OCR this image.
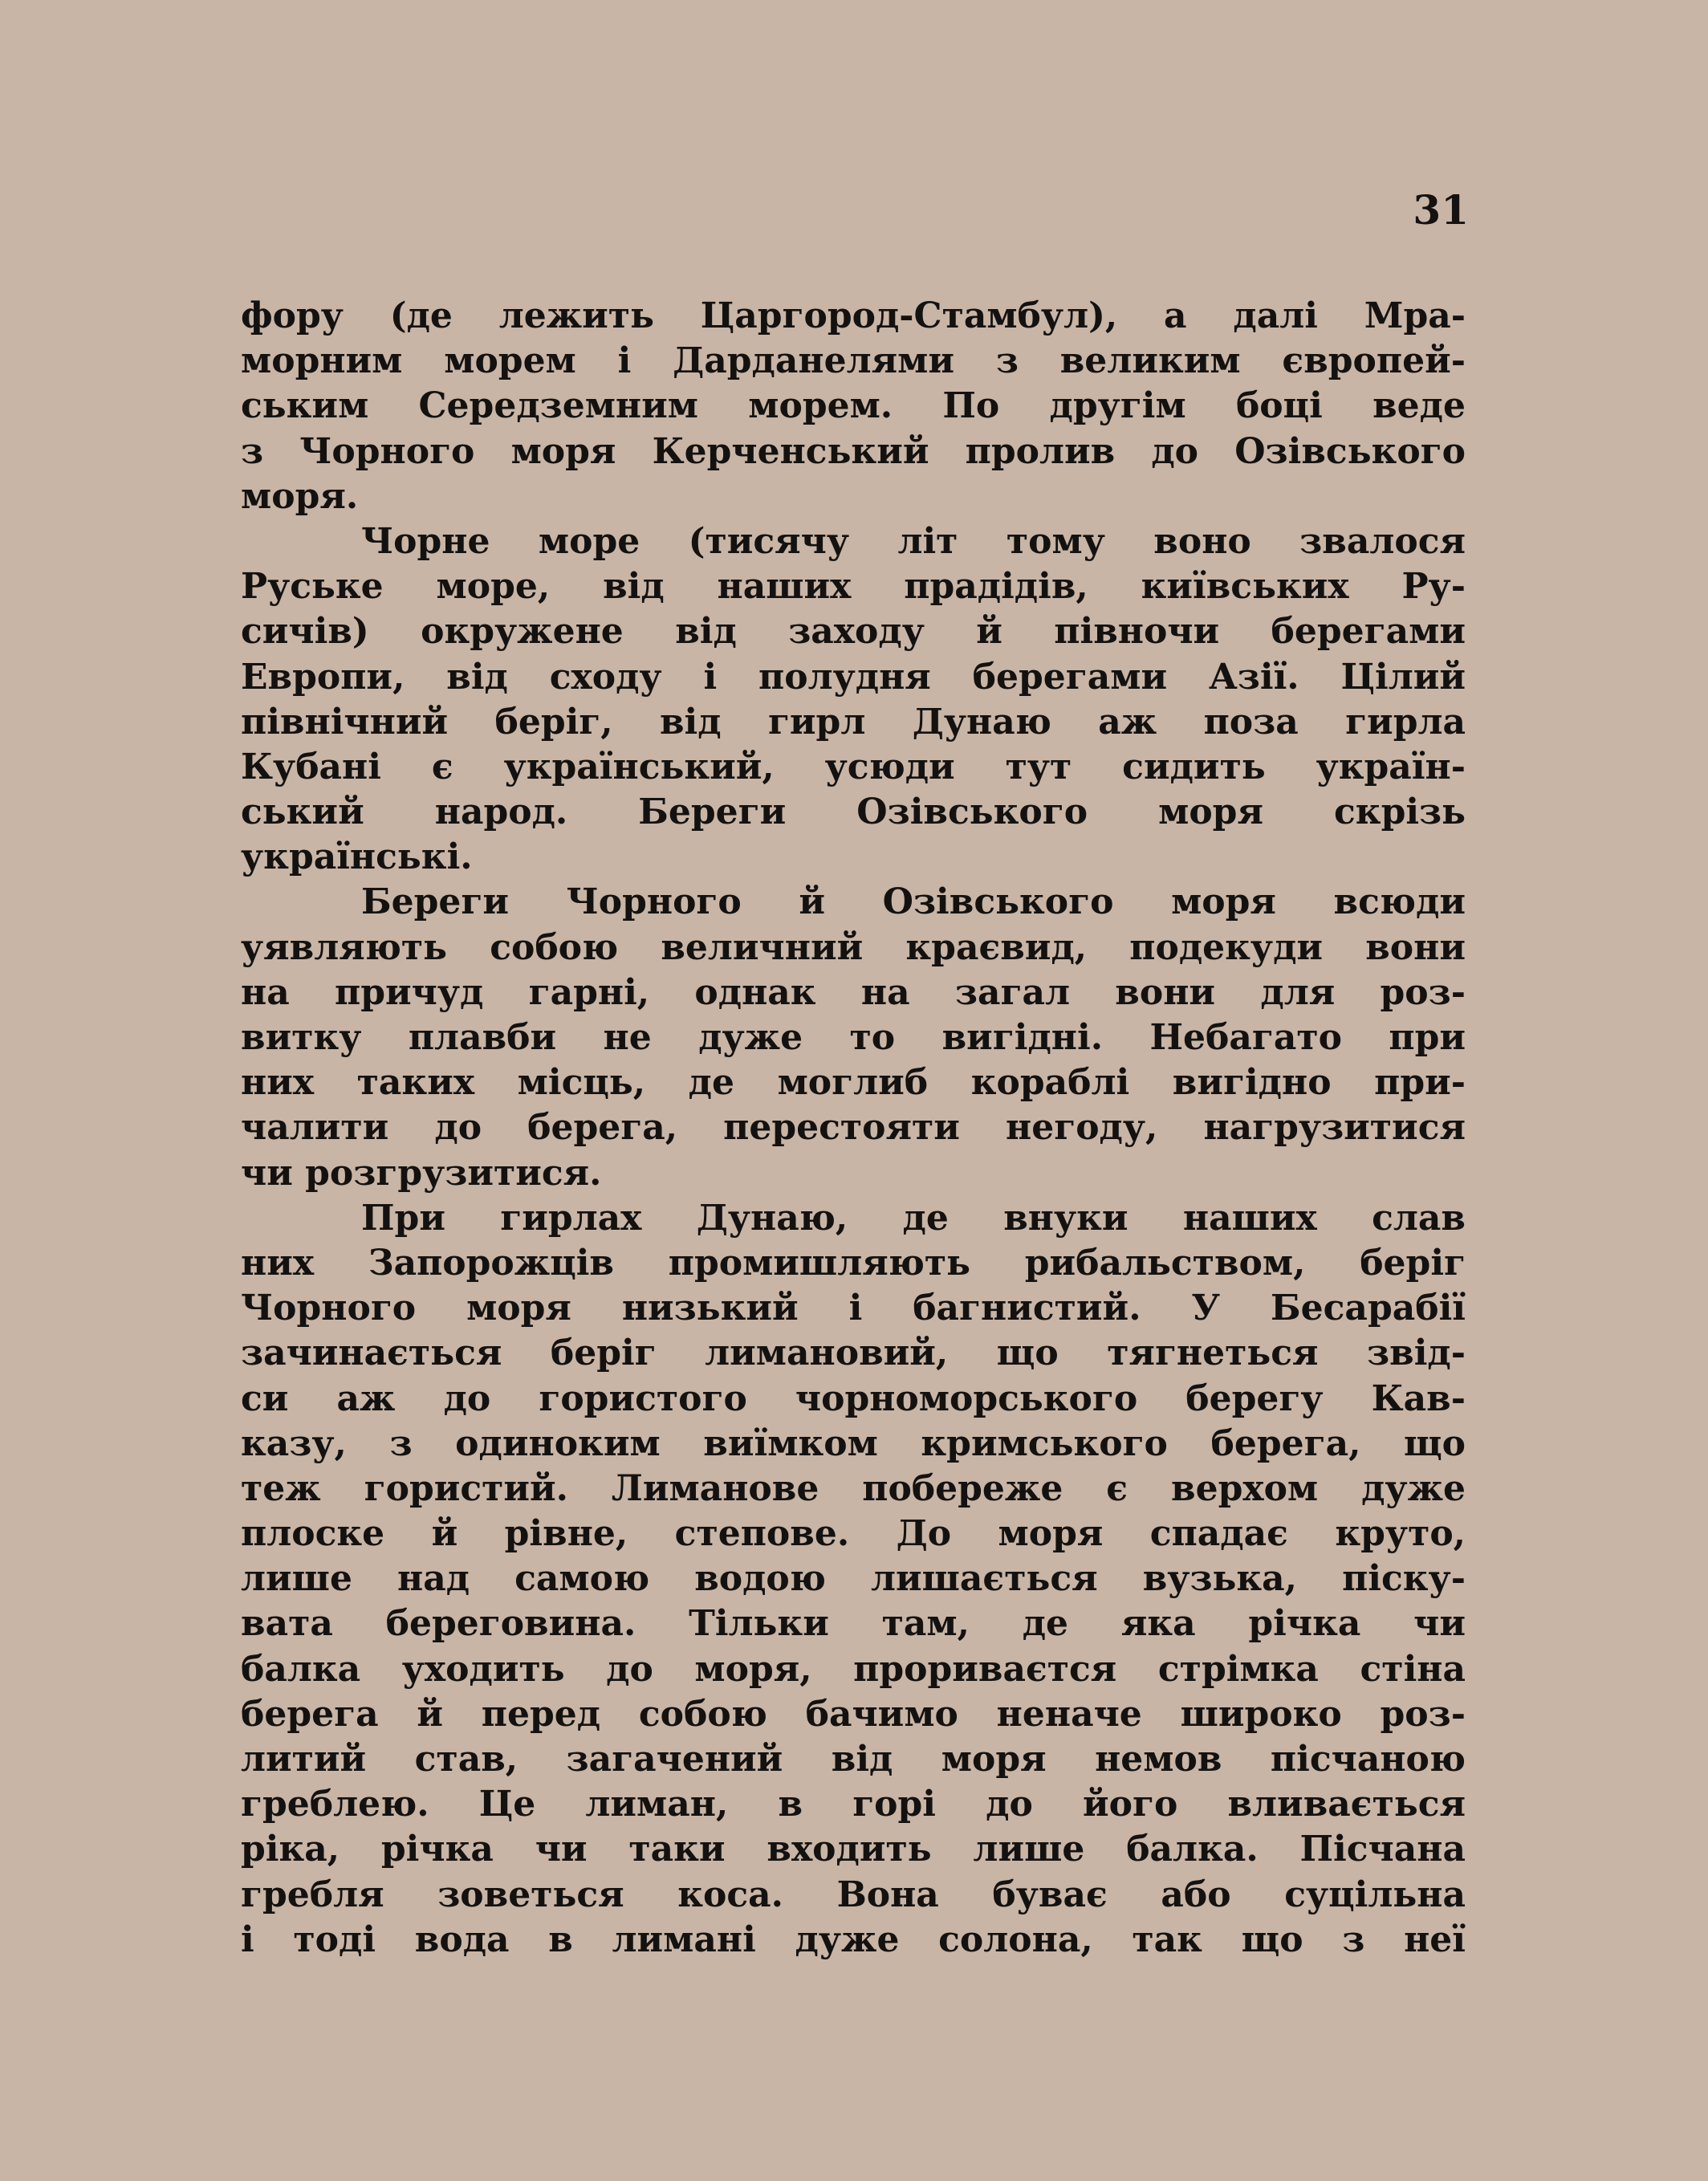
31
фору (де лежить Царгород-Стамбул), а далі Мра-
морним морем і Дарданелями з великим європей-
ським Середземним морем. По другім боці веде
з Чорного моря Керченський пролив до Озівського
моря.
Чорне море (тисячу літ тому воно звалося
Руське море, від наших прадідів, київських Ру-
сичів) окружене від заходу й півночи берегами
Европи, від сходу і полудня берегами Азії. Цілий
північний беріг, від гирл Дунаю аж поза гирла
Кубані є український, усюди тут сидить україн-
ський народ. Береги Озівського моря скрізь
українські.
Береги Чорного й Озівського моря всюди
уявляють собою величний краєвид, подекуди вони
на причуд гарні, однак на загал вони для роз-
витку плавби не дуже то вигідні. Небагато при
них таких місць, де моглиб кораблі вигідно при-
чалити до берега, перестояти негоду, нагрузитися
чи розгрузитися.
При гирлах Дунаю, де внуки наших слав
них Запорожців промишляють рибальством, беріг
Чорного моря низький і багнистий. У Бесарабії
зачинається беріг лимановий, що тягнеться звід-
си аж до гористого чорноморського берегу Кав-
казу, з одиноким виїмком кримського берега, що
теж гористий. Лиманове побереже є верхом дуже
плоске й рівне, степове. До моря спадає круто,
лише над самою водою лишається вузька, піску-
вата береговина. Тільки там, де яка річка чи
балка уходить до моря, прориваєтся стрімка стіна
берега й перед собою бачимо неначе широко роз-
литий став, загачений від моря немов пісчаною
греблею. Це лиман, в горі до його вливається
ріка, річка чи таки входить лише балка. Пісчана
гребля зоветься коса. Вона буває або суцільна
і тоді вода в лимані дуже солона, так що з неї
